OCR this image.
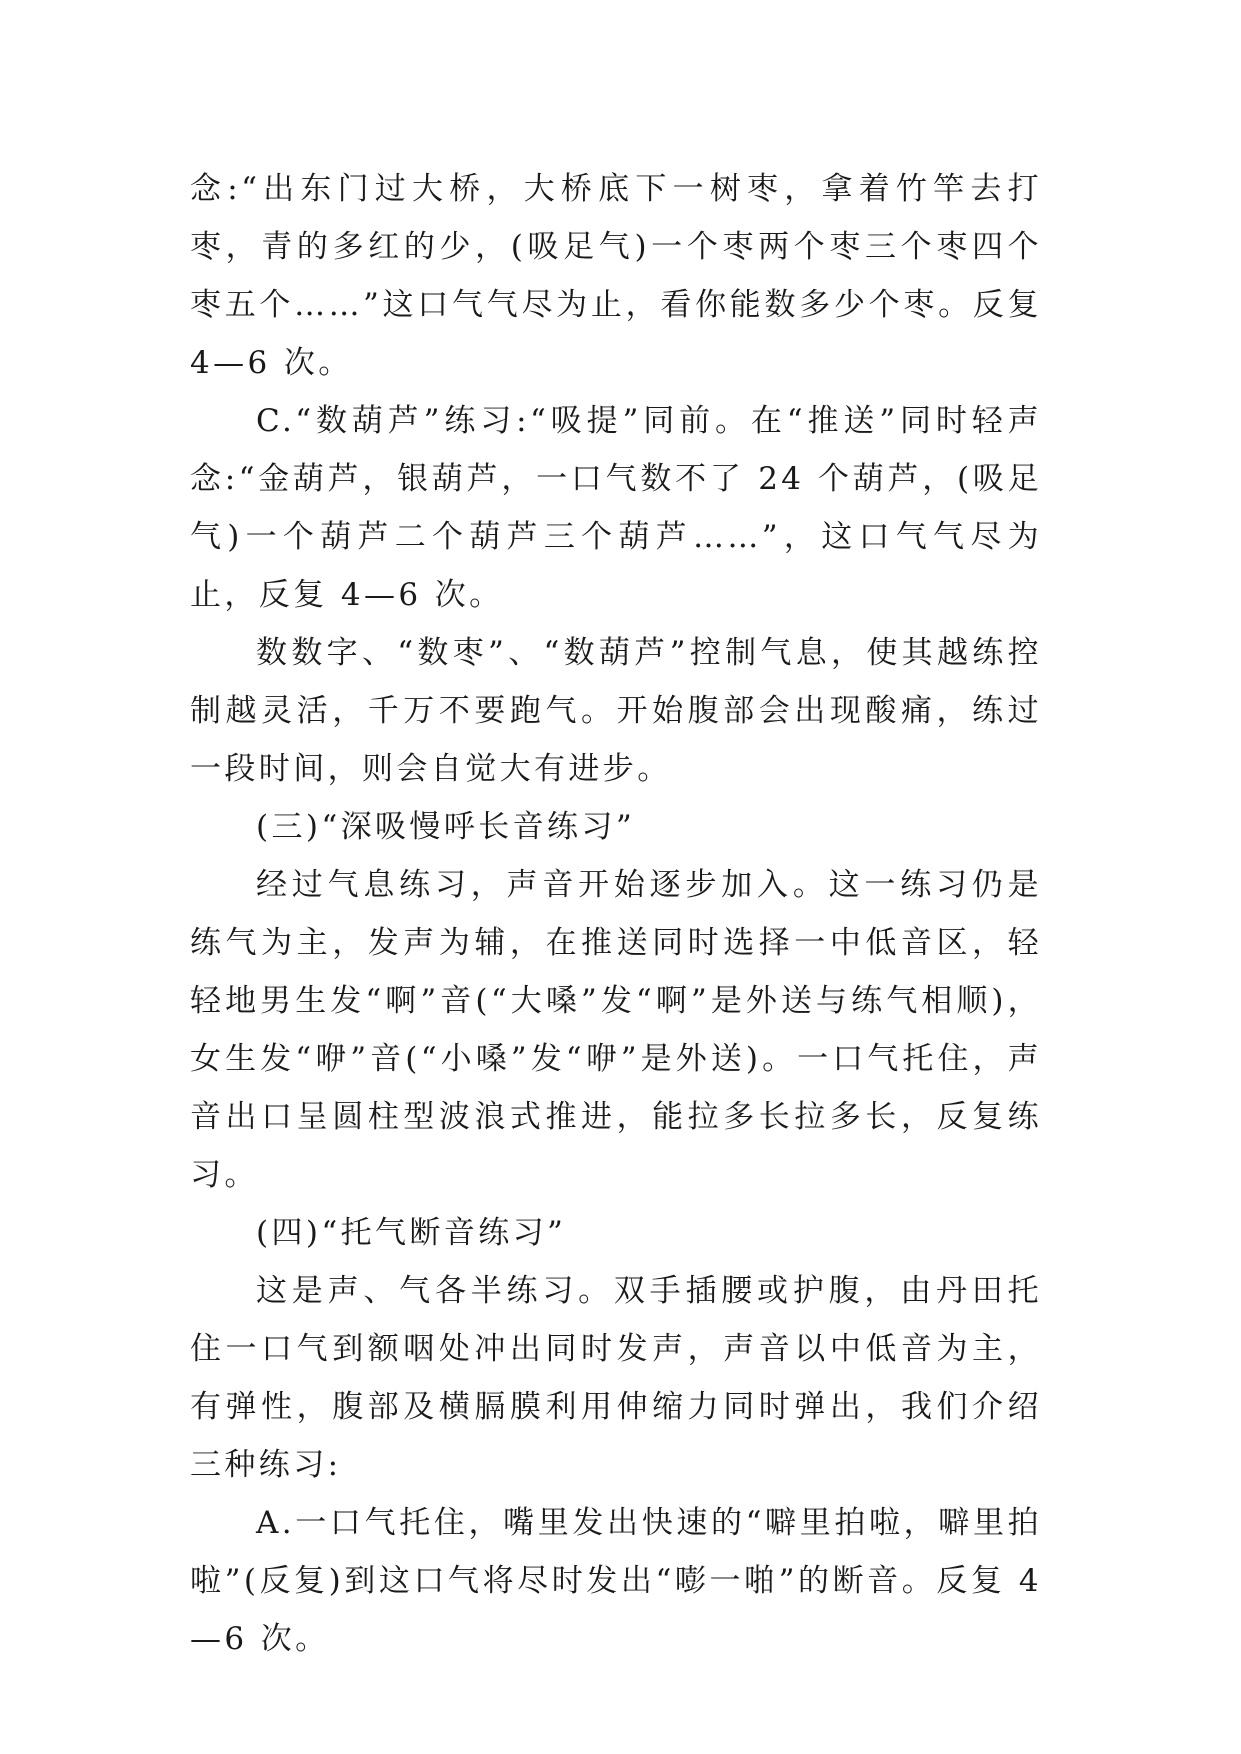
念:“出东门过大桥，大桥底下一树枣，拿着竹竿去打枣，青的多红的少，(吸足气)一个枣两个枣三个枣四个枣五个……”这口气气尽为止，看你能数多少个枣。反复 4—6 次。

C.“数葫芦”练习:“吸提”同前。在“推送”同时轻声念:“金葫芦，银葫芦，一口气数不了 24 个葫芦，(吸足气)一个葫芦二个葫芦三个葫芦……”，这口气气尽为止，反复 4—6 次。

数数字、“数枣”、“数葫芦”控制气息，使其越练控制越灵活，千万不要跑气。开始腹部会出现酸痛，练过一段时间，则会自觉大有进步。

(三)“深吸慢呼长音练习”

经过气息练习，声音开始逐步加入。这一练习仍是练气为主，发声为辅，在推送同时选择一中低音区，轻轻地男生发“啊”音(“大嗓”发“啊”是外送与练气相顺)，女生发“咿”音(“小嗓”发“咿”是外送)。一口气托住，声音出口呈圆柱型波浪式推进，能拉多长拉多长，反复练习。

(四)“托气断音练习”

这是声、气各半练习。双手插腰或护腹，由丹田托住一口气到额咽处冲出同时发声，声音以中低音为主，有弹性，腹部及横膈膜利用伸缩力同时弹出，我们介绍三种练习:

A.一口气托住，嘴里发出快速的“噼里拍啦，噼里拍啦”(反复)到这口气将尽时发出“嘭一啪”的断音。反复 4—6 次。
